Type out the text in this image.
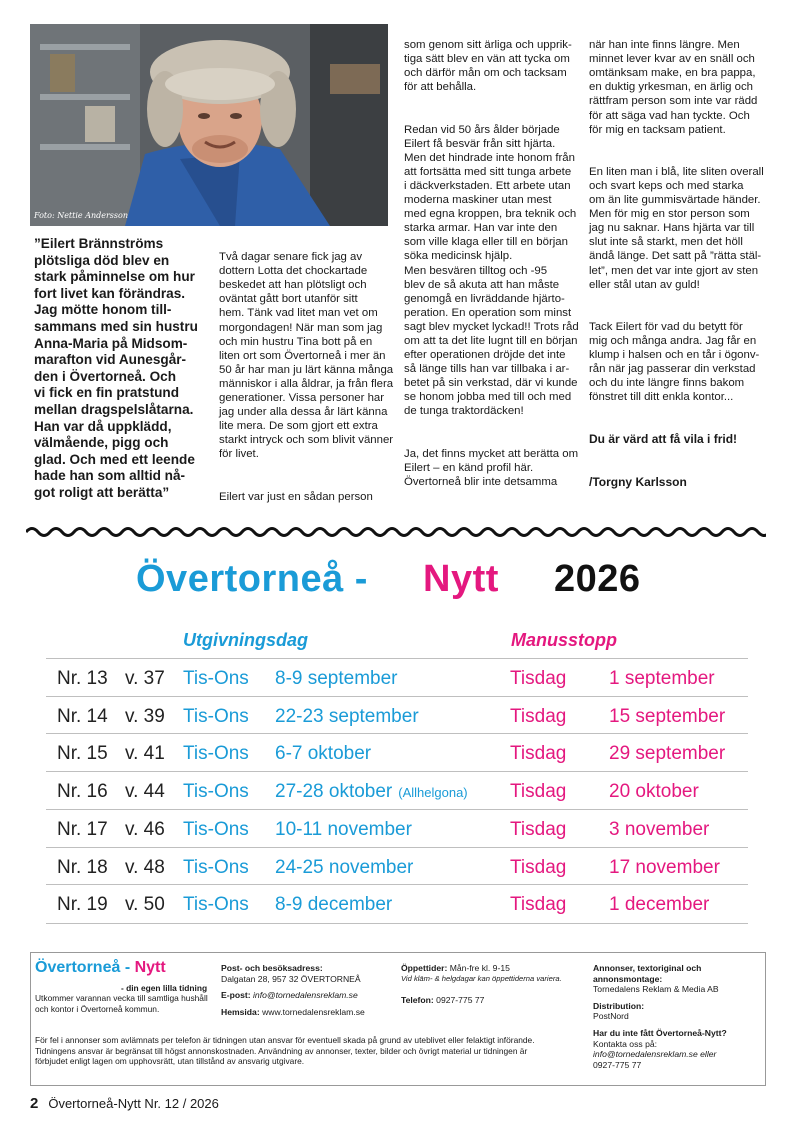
Foto: Nettie Andersson
”Eilert Brännströms
plötsliga död blev en
stark påminnelse om hur
fort livet kan förändras.
Jag mötte honom till-
sammans med sin hustru
Anna-Maria på Midsom-
marafton vid Aunesgår-
den i Övertorneå. Och
vi fick en fin pratstund
mellan dragspelslåtarna.
Han var då uppklädd,
välmående, pigg och
glad. Och med ett leende
hade han som alltid nå-
got roligt att berätta”

Två dagar senare fick jag av
dottern Lotta det chockartade
beskedet att han plötsligt och
oväntat gått bort utanför sitt
hem. Tänk vad litet man vet om
morgondagen! När man som jag
och min hustru Tina bott på en
liten ort som Övertorneå i mer än
50 år har man ju lärt känna många
människor i alla åldrar, ja från flera
generationer. Vissa personer har
jag under alla dessa år lärt känna
lite mera. De som gjort ett extra
starkt intryck och som blivit vänner
för livet.

Eilert var just en sådan person

som genom sitt ärliga och upprik-
tiga sätt blev en vän att tycka om
och därför mån om och tacksam
för att behålla.

Redan vid 50 års ålder började
Eilert få besvär från sitt hjärta.
Men det hindrade inte honom från
att fortsätta med sitt tunga arbete
i däckverkstaden. Ett arbete utan
moderna maskiner utan mest
med egna kroppen, bra teknik och
starka armar. Han var inte den
som ville klaga eller till en början
söka medicinsk hjälp.
Men besvären tilltog och -95
blev de så akuta att han måste
genomgå en livräddande hjärto-
peration. En operation som minst
sagt blev mycket lyckad!! Trots råd
om att ta det lite lugnt till en början
efter operationen dröjde det inte
så länge tills han var tillbaka i ar-
betet på sin verkstad, där vi kunde
se honom jobba med till och med
de tunga traktordäcken!

Ja, det finns mycket att berätta om
Eilert – en känd profil här.
Övertorneå blir inte detsamma

när han inte finns längre. Men
minnet lever kvar av en snäll och
omtänksam make, en bra pappa,
en duktig yrkesman, en ärlig och
rättfram person som inte var rädd
för att säga vad han tyckte. Och
för mig en tacksam patient.

En liten man i blå, lite sliten overall
och svart keps och med starka
om än lite gummisvärtade händer.
Men för mig en stor person som
jag nu saknar. Hans hjärta var till
slut inte så starkt, men det höll
ändå länge. Det satt på ”rätta stäl-
let”, men det var inte gjort av sten
eller stål utan av guld!

Tack Eilert för vad du betytt för
mig och många andra. Jag får en
klump i halsen och en tår i ögonv-
rån när jag passerar din verkstad
och du inte längre finns bakom
fönstret till ditt enkla kontor...

Du är värd att få vila i frid!

/Torgny Karlsson

Övertorneå - Nytt 2026
Utgivningsdag	Manusstopp
Nr. 13 v. 37 Tis-Ons 8-9 september	Tisdag 1 september
Nr. 14 v. 39 Tis-Ons 22-23 september	Tisdag 15 september
Nr. 15 v. 41 Tis-Ons 6-7 oktober	Tisdag 29 september
Nr. 16 v. 44 Tis-Ons 27-28 oktober (Allhelgona) Tisdag 20 oktober
Nr. 17 v. 46 Tis-Ons 10-11 november	Tisdag 3 november
Nr. 18 v. 48 Tis-Ons 24-25 november	Tisdag 17 november
Nr. 19 v. 50 Tis-Ons 8-9 december	Tisdag 1 december
Övertorneå - Nytt
- din egen lilla tidning
Utkommer varannan vecka till samtliga hushåll och kontor i Övertorneå kommun.
Post- och besöksadress:
Dalgatan 28, 957 32 ÖVERTORNEÅ
E-post: info@tornedalensreklam.se
Hemsida: www.tornedalensreklam.se
Öppettider: Mån-fre kl. 9-15
Vid kläm- & helgdagar kan öppettiderna variera.
Telefon: 0927-775 77
Annonser, textoriginal och annonsmontage:
Tornedalens Reklam & Media AB
Distribution:
PostNord
Har du inte fått Övertorneå-Nytt?
Kontakta oss på:
info@tornedalensreklam.se eller
0927-775 77
För fel i annonser som avlämnats per telefon är tidningen utan ansvar för eventuell skada på grund av uteblivet eller felaktigt införande. Tidningens ansvar är begränsat till högst annonskostnaden. Användning av annonser, texter, bilder och övrigt material ur tidningen är förbjudet enligt lagen om upphovsrätt, utan tillstånd av ansvarig utgivare.
2 Övertorneå-Nytt Nr. 12 / 2026
